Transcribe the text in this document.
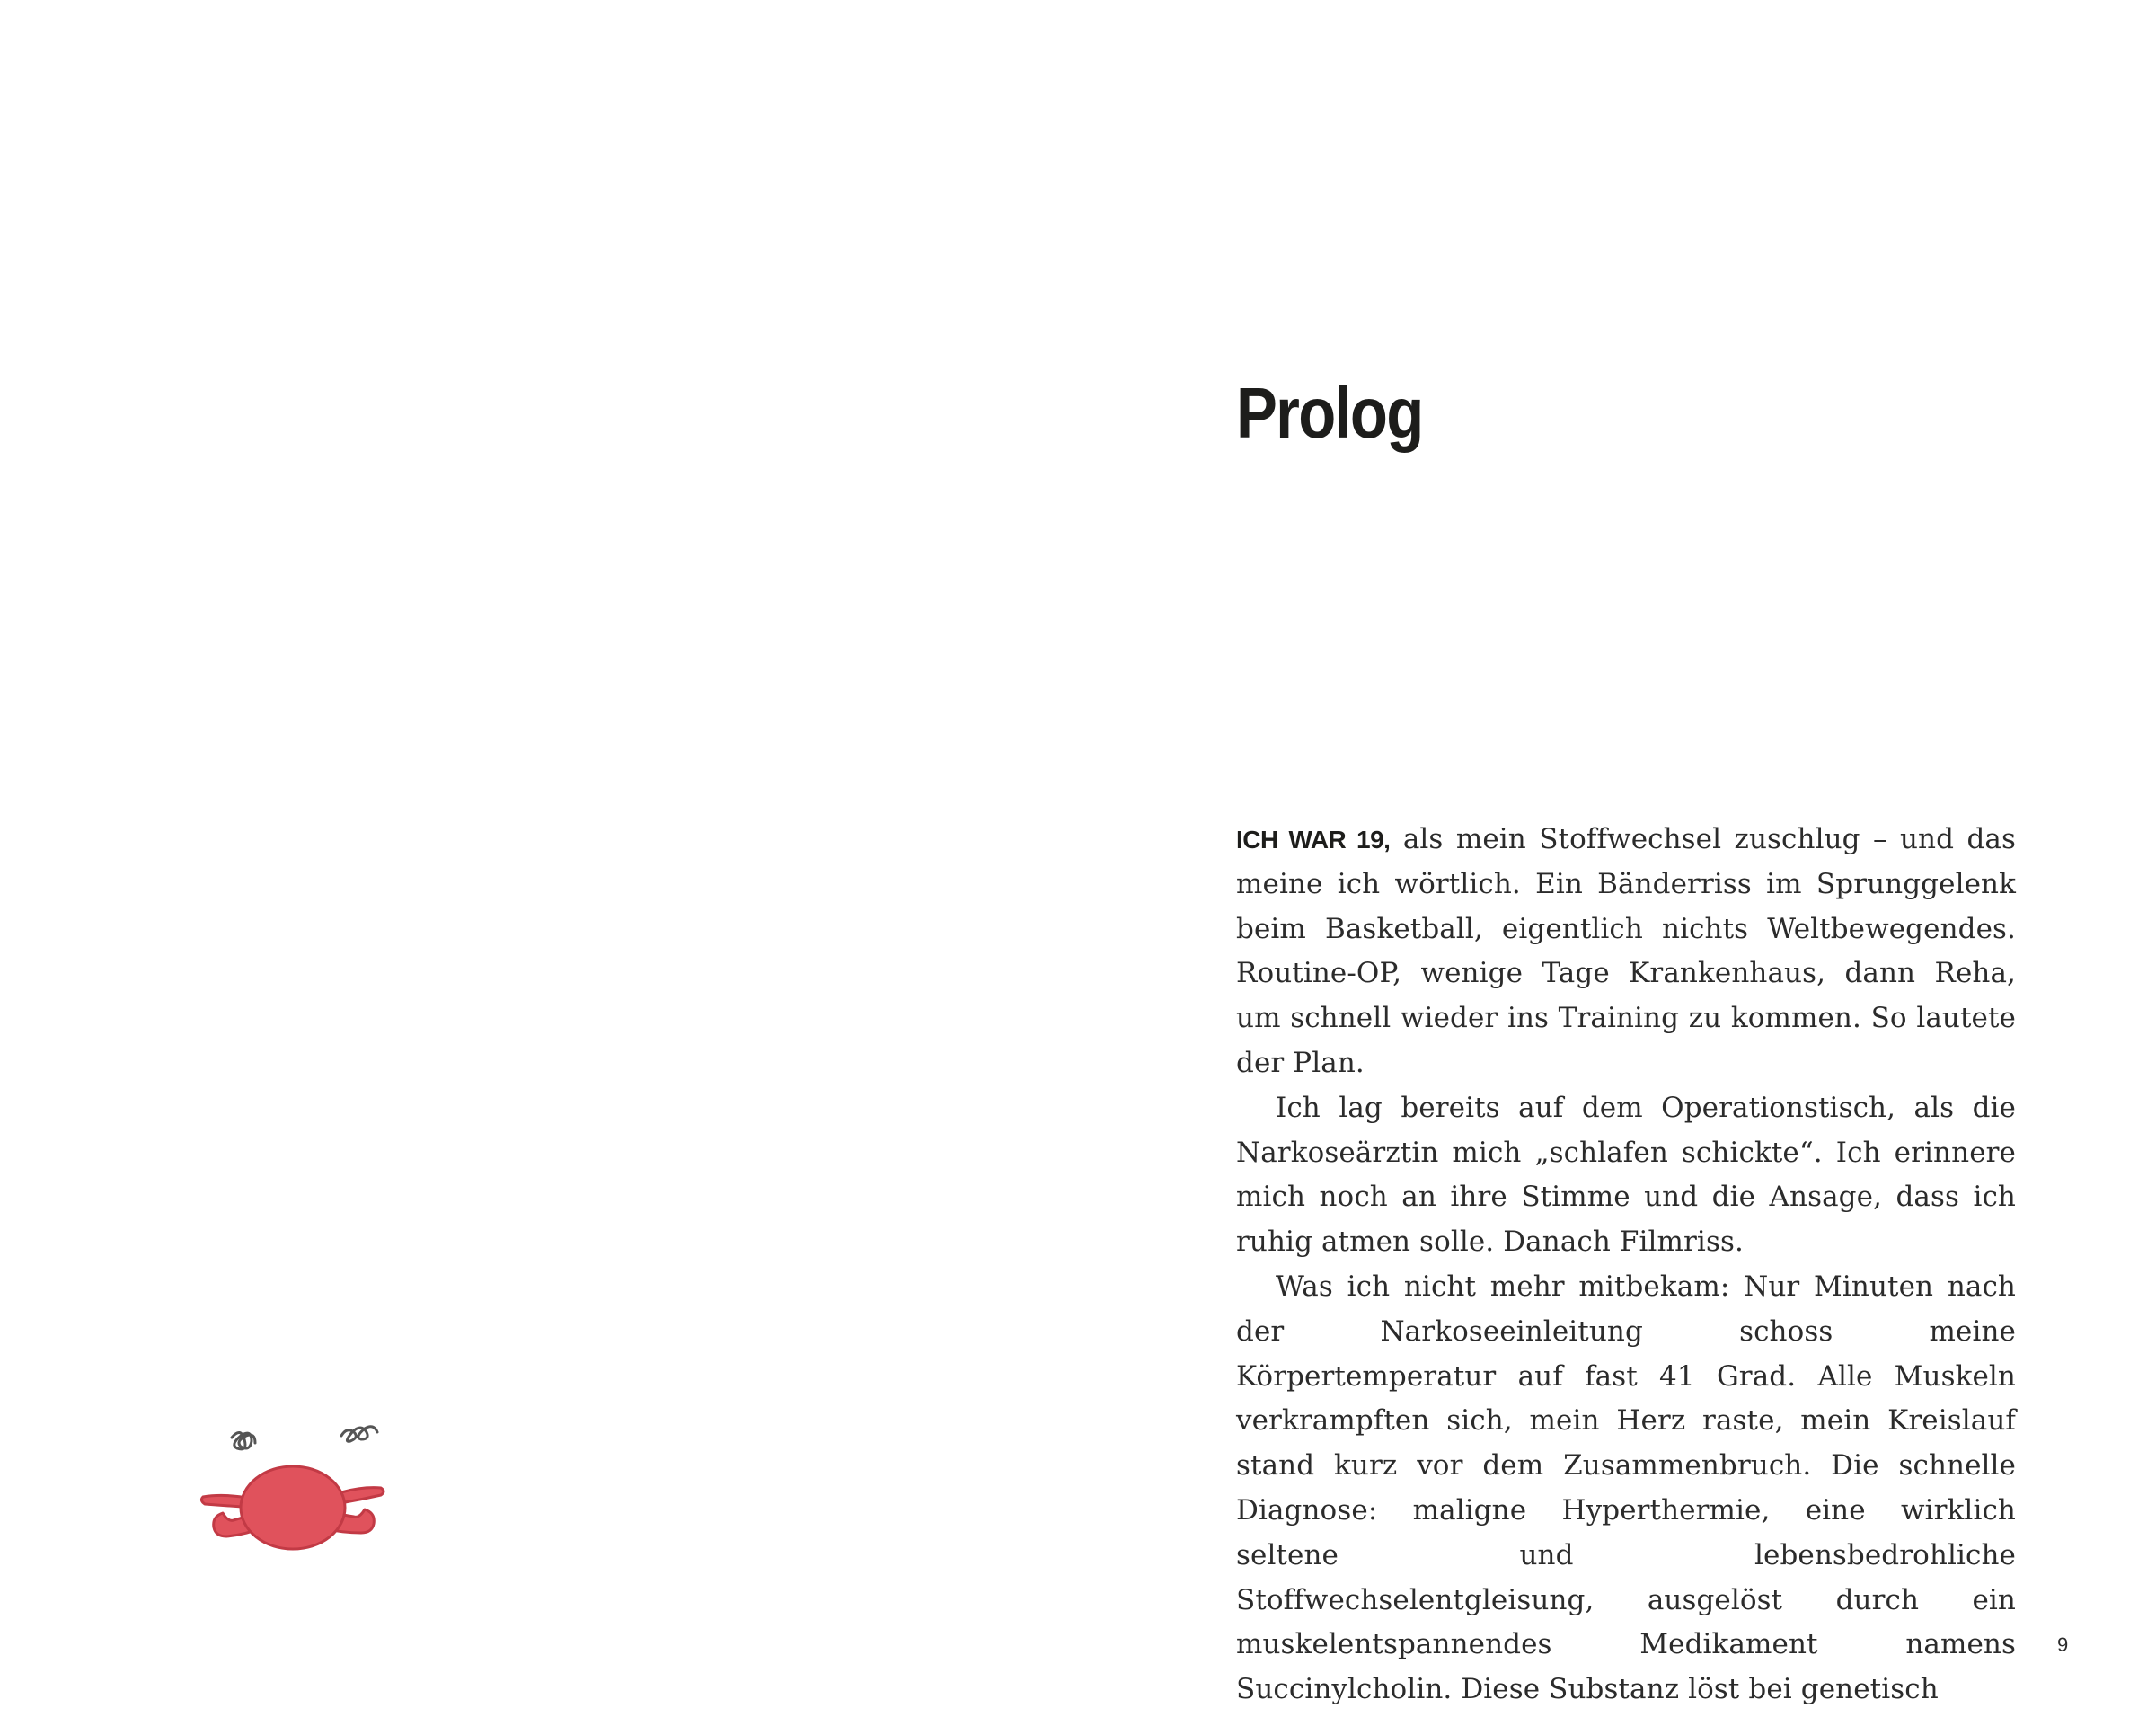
Prolog

ICH WAR 19, als mein Stoffwechsel zuschlug – und das meine ich wörtlich. Ein Bänderriss im Sprunggelenk beim Basketball, eigentlich nichts Weltbewegendes. Routine-OP, wenige Tage Krankenhaus, dann Reha, um schnell wieder ins Training zu kommen. So lautete der Plan.

Ich lag bereits auf dem Operationstisch, als die Narkoseärztin mich „schlafen schickte“. Ich erinnere mich noch an ihre Stimme und die Ansage, dass ich ruhig atmen solle. Danach Filmriss.

Was ich nicht mehr mitbekam: Nur Minuten nach der Narkoseeinleitung schoss meine Körpertemperatur auf fast 41 Grad. Alle Muskeln verkrampften sich, mein Herz raste, mein Kreislauf stand kurz vor dem Zusammenbruch. Die schnelle Diagnose: maligne Hyperthermie, eine wirklich seltene und lebensbedrohliche Stoffwechselentgleisung, ausgelöst durch ein muskelentspannendes Medikament namens Succinylcholin. Diese Substanz löst bei genetisch

9
